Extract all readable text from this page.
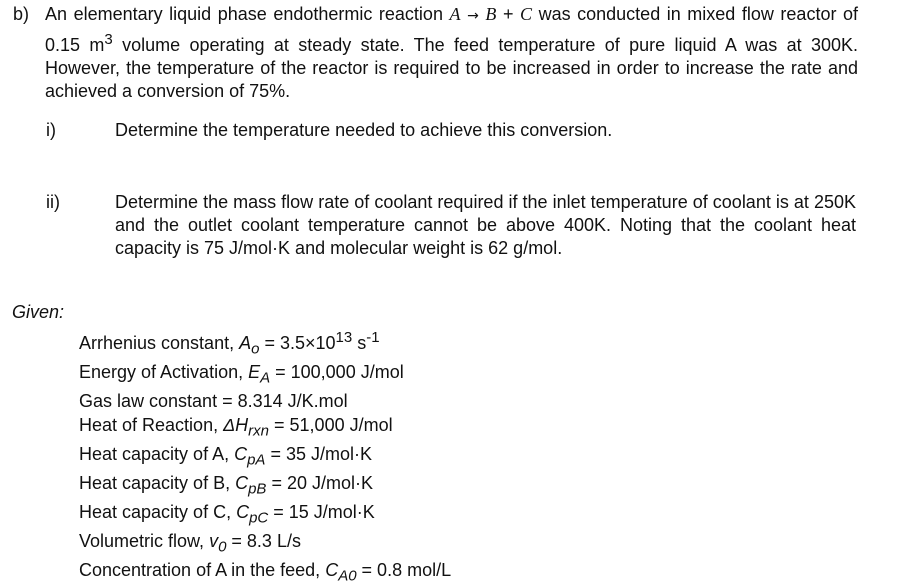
b) An elementary liquid phase endothermic reaction A → B + C was conducted in mixed flow reactor of 0.15 $m^3$ volume operating at steady state. The feed temperature of pure liquid A was at 300K. However, the temperature of the reactor is required to be increased in order to increase the rate and achieved a conversion of 75%.
i)	Determine the temperature needed to achieve this conversion.
ii)	Determine the mass flow rate of coolant required if the inlet temperature of coolant is at 250K and the outlet coolant temperature cannot be above 400K. Noting that the coolant heat capacity is 75 J/mol·K and molecular weight is 62 g/mol.
Given:
Arrhenius constant, $A_o = 3.5\times 10^{13}$ $s^{-1}$
Energy of Activation, $E_A = 100,000$ J/mol
Gas law constant = 8.314 J/K.mol
Heat of Reaction, $\Delta H_{rxn} = 51,000$ J/mol
Heat capacity of A, $C_{pA} = 35$ J/mol·K
Heat capacity of B, $C_{pB} = 20$ J/mol·K
Heat capacity of C, $C_{pC} = 15$ J/mol·K
Volumetric flow, $v_0 = 8.3$ L/s
Concentration of A in the feed, $C_{A0} = 0.8$ mol/L
